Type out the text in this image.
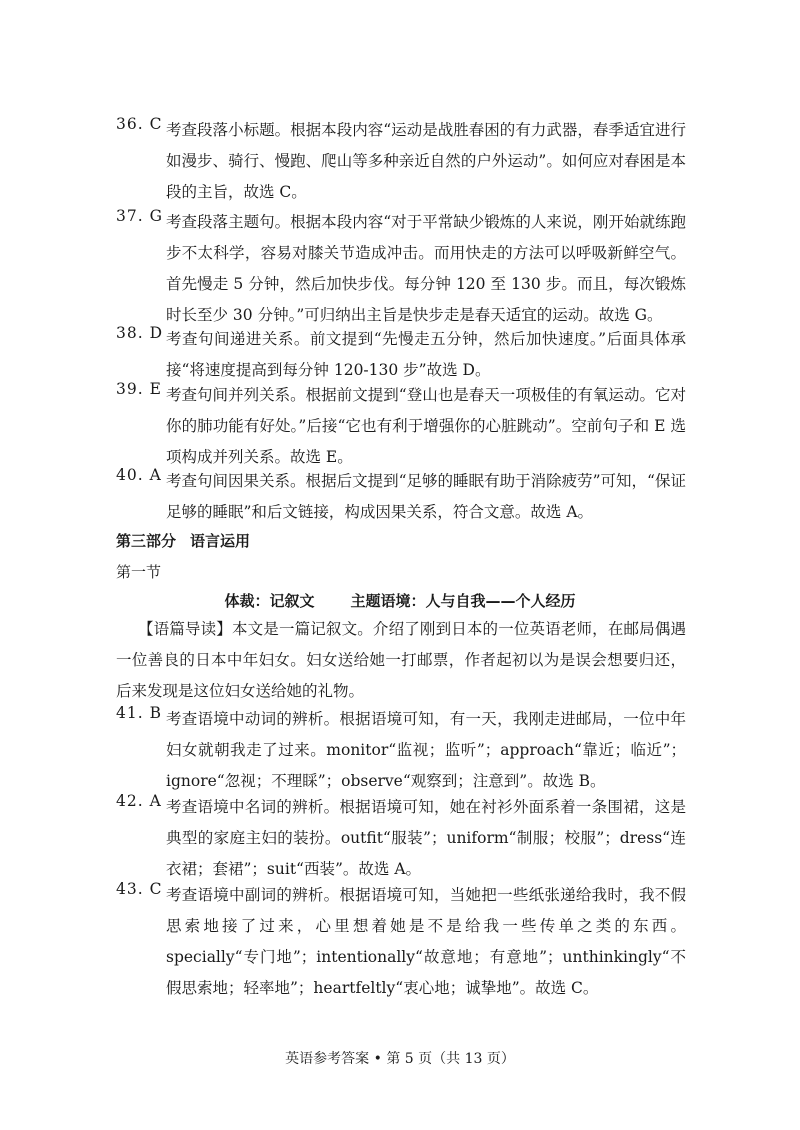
36. C 考查段落小标题。根据本段内容“运动是战胜春困的有力武器，春季适宜进行如漫步、骑行、慢跑、爬山等多种亲近自然的户外运动”。如何应对春困是本段的主旨，故选 C。
37. G 考查段落主题句。根据本段内容“对于平常缺少锻炼的人来说，刚开始就练跑步不太科学，容易对膝关节造成冲击。而用快走的方法可以呼吸新鲜空气。首先慢走 5 分钟，然后加快步伐。每分钟 120 至 130 步。而且，每次锻炼时长至少 30 分钟。”可归纳出主旨是快步走是春天适宜的运动。故选 G。
38. D 考查句间递进关系。前文提到“先慢走五分钟，然后加快速度。”后面具体承接“将速度提高到每分钟 120-130 步”故选 D。
39. E 考查句间并列关系。根据前文提到“登山也是春天一项极佳的有氧运动。它对你的肺功能有好处。”后接“它也有利于增强你的心脏跳动”。空前句子和 E 选项构成并列关系。故选 E。
40. A 考查句间因果关系。根据后文提到“足够的睡眠有助于消除疲劳”可知，“保证足够的睡眠”和后文链接，构成因果关系，符合文意。故选 A。
第三部分 语言运用
第一节
体裁：记叙文 主题语境：人与自我——个人经历
【语篇导读】本文是一篇记叙文。介绍了刚到日本的一位英语老师，在邮局偶遇一位善良的日本中年妇女。妇女送给她一打邮票，作者起初以为是误会想要归还，后来发现是这位妇女送给她的礼物。
41. B 考查语境中动词的辨析。根据语境可知，有一天，我刚走进邮局，一位中年妇女就朝我走了过来。monitor“监视；监听”；approach“靠近；临近”；ignore“忽视；不理睬”；observe“观察到；注意到”。故选 B。
42. A 考查语境中名词的辨析。根据语境可知，她在衬衫外面系着一条围裙，这是典型的家庭主妇的装扮。outfit“服装”；uniform“制服；校服”；dress“连衣裙；套裙”；suit“西装”。故选 A。
43. C 考查语境中副词的辨析。根据语境可知，当她把一些纸张递给我时，我不假思索地接了过来，心里想着她是不是给我一些传单之类的东西。specially“专门地”；intentionally“故意地；有意地”；unthinkingly“不假思索地；轻率地”；heartfeltly“衷心地；诚挚地”。故选 C。
英语参考答案 • 第 5 页（共 13 页）
